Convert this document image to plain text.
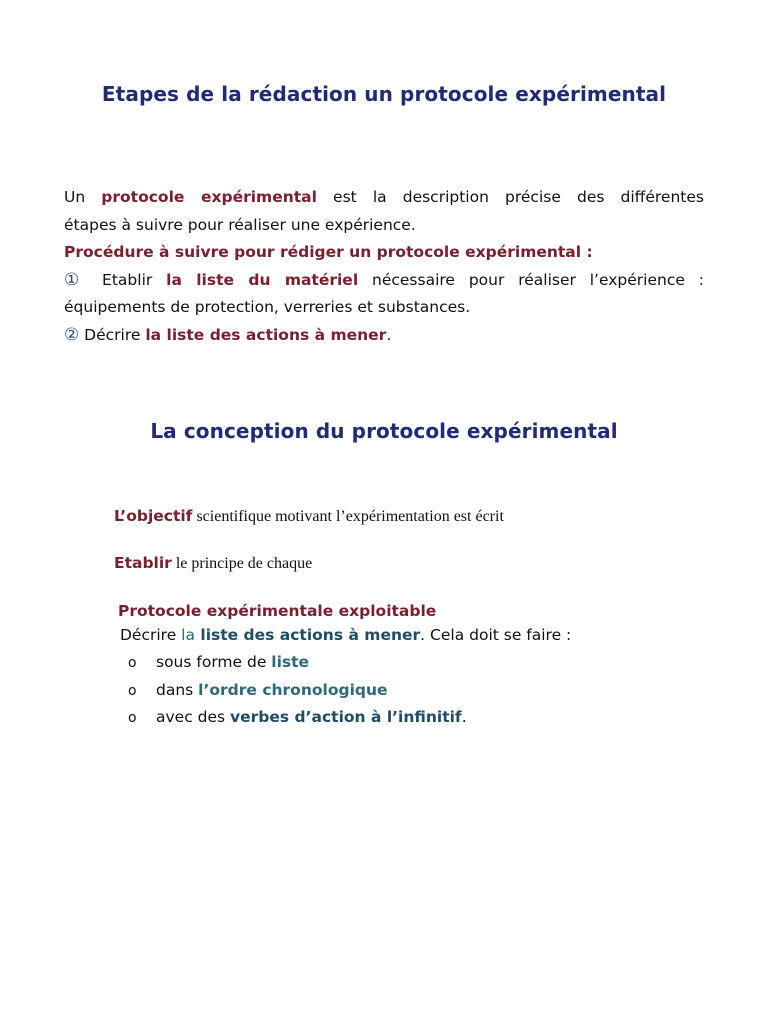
Etapes de la rédaction un protocole expérimental
Un protocole expérimental est la description précise des différentes
étapes à suivre pour réaliser une expérience.
Procédure à suivre pour rédiger un protocole expérimental :
① Etablir la liste du matériel nécessaire pour réaliser l’expérience :
équipements de protection, verreries et substances.
② Décrire la liste des actions à mener.
La conception du protocole expérimental
L’objectif scientifique motivant l’expérimentation est écrit
Etablir le principe de chaque
Protocole expérimentale exploitable
Décrire la liste des actions à mener. Cela doit se faire :
o sous forme de liste
o dans l’ordre chronologique
o avec des verbes d’action à l’infinitif.
